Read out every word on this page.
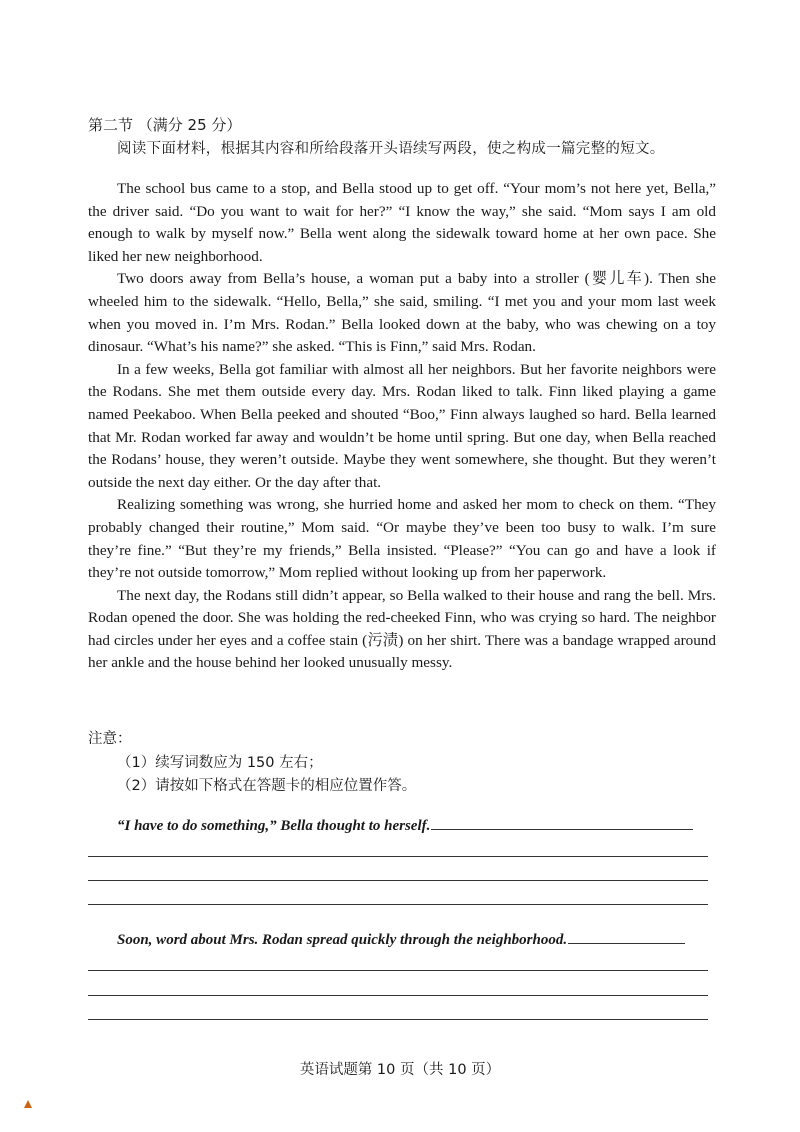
第二节 （满分 25 分）
阅读下面材料，根据其内容和所给段落开头语续写两段，使之构成一篇完整的短文。

The school bus came to a stop, and Bella stood up to get off. “Your mom’s not here yet, Bella,” the driver said. “Do you want to wait for her?” “I know the way,” she said. “Mom says I am old enough to walk by myself now.” Bella went along the sidewalk toward home at her own pace. She liked her new neighborhood.

Two doors away from Bella’s house, a woman put a baby into a stroller (婴儿车). Then she wheeled him to the sidewalk. “Hello, Bella,” she said, smiling. “I met you and your mom last week when you moved in. I’m Mrs. Rodan.” Bella looked down at the baby, who was chewing on a toy dinosaur. “What’s his name?” she asked. “This is Finn,” said Mrs. Rodan.

In a few weeks, Bella got familiar with almost all her neighbors. But her favorite neighbors were the Rodans. She met them outside every day. Mrs. Rodan liked to talk. Finn liked playing a game named Peekaboo. When Bella peeked and shouted “Boo,” Finn always laughed so hard. Bella learned that Mr. Rodan worked far away and wouldn’t be home until spring. But one day, when Bella reached the Rodans’ house, they weren’t outside. Maybe they went somewhere, she thought. But they weren’t outside the next day either. Or the day after that.

Realizing something was wrong, she hurried home and asked her mom to check on them. “They probably changed their routine,” Mom said. “Or maybe they’ve been too busy to walk. I’m sure they’re fine.” “But they’re my friends,” Bella insisted. “Please?” “You can go and have a look if they’re not outside tomorrow,” Mom replied without looking up from her paperwork.

The next day, the Rodans still didn’t appear, so Bella walked to their house and rang the bell. Mrs. Rodan opened the door. She was holding the red-cheeked Finn, who was crying so hard. The neighbor had circles under her eyes and a coffee stain (污渍) on her shirt. There was a bandage wrapped around her ankle and the house behind her looked unusually messy.

注意：
（1）续写词数应为 150 左右；
（2）请按如下格式在答题卡的相应位置作答。
“I have to do something,” Bella thought to herself.
Soon, word about Mrs. Rodan spread quickly through the neighborhood.
英语试题第 10 页（共 10 页）
